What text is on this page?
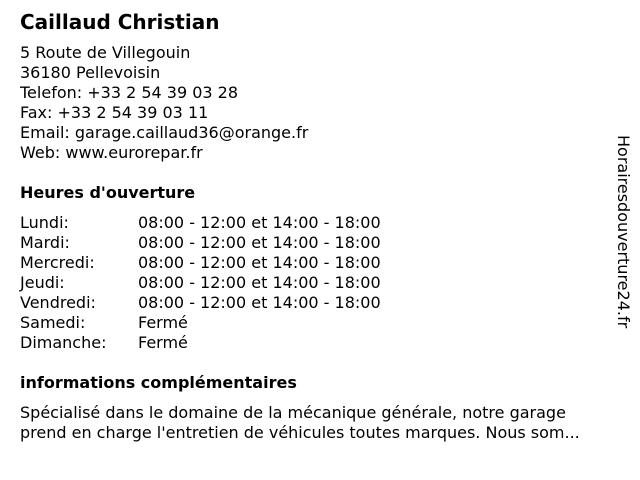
Caillaud Christian
5 Route de Villegouin
36180 Pellevoisin
Telefon: +33 2 54 39 03 28
Fax: +33 2 54 39 03 11
Email: garage.caillaud36@orange.fr
Web: www.eurorepar.fr
Heures d'ouverture
Lundi:	08:00 - 12:00 et 14:00 - 18:00
Mardi:	08:00 - 12:00 et 14:00 - 18:00
Mercredi:	08:00 - 12:00 et 14:00 - 18:00
Jeudi:	08:00 - 12:00 et 14:00 - 18:00
Vendredi:	08:00 - 12:00 et 14:00 - 18:00
Samedi:	Fermé
Dimanche: Fermé
informations complémentaires
Spécialisé dans le domaine de la mécanique générale, notre garage
prend en charge l'entretien de véhicules toutes marques. Nous som...
Horairesdouverture24.fr
